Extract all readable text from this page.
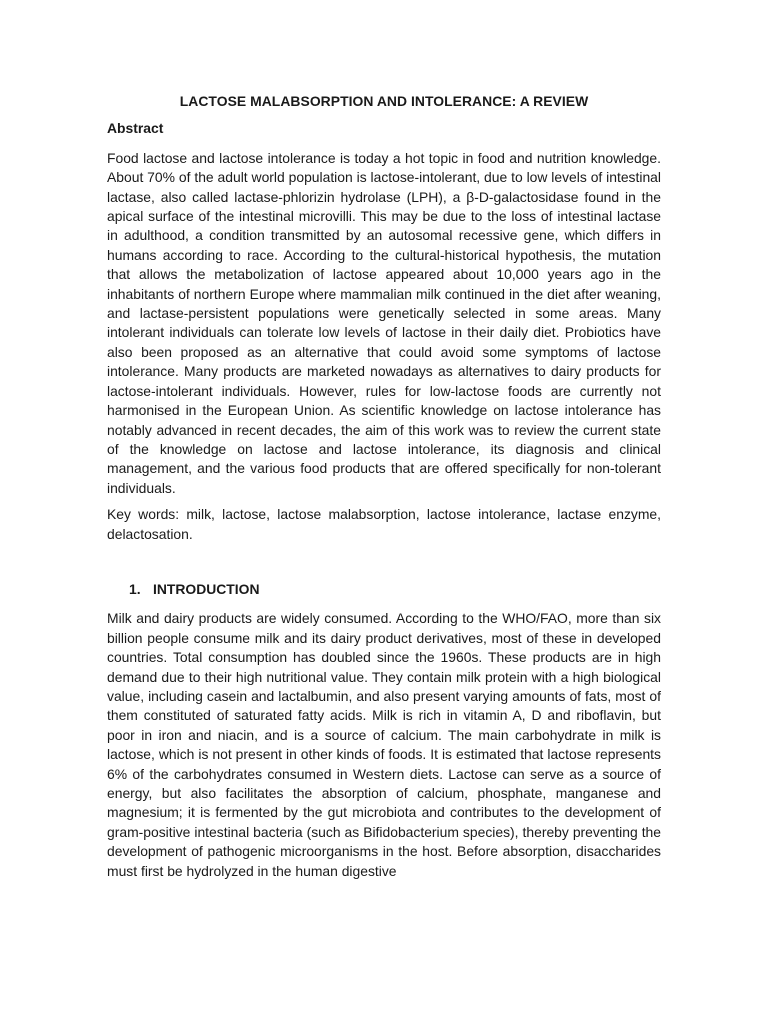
LACTOSE MALABSORPTION AND INTOLERANCE: A REVIEW
Abstract
Food lactose and lactose intolerance is today a hot topic in food and nutrition knowledge. About 70% of the adult world population is lactose-intolerant, due to low levels of intestinal lactase, also called lactase-phlorizin hydrolase (LPH), a β-D-galactosidase found in the apical surface of the intestinal microvilli. This may be due to the loss of intestinal lactase in adulthood, a condition transmitted by an autosomal recessive gene, which differs in humans according to race. According to the cultural-historical hypothesis, the mutation that allows the metabolization of lactose appeared about 10,000 years ago in the inhabitants of northern Europe where mammalian milk continued in the diet after weaning, and lactase-persistent populations were genetically selected in some areas. Many intolerant individuals can tolerate low levels of lactose in their daily diet. Probiotics have also been proposed as an alternative that could avoid some symptoms of lactose intolerance. Many products are marketed nowadays as alternatives to dairy products for lactose-intolerant individuals. However, rules for low-lactose foods are currently not harmonised in the European Union. As scientific knowledge on lactose intolerance has notably advanced in recent decades, the aim of this work was to review the current state of the knowledge on lactose and lactose intolerance, its diagnosis and clinical management, and the various food products that are offered specifically for non-tolerant individuals.
Key words: milk, lactose, lactose malabsorption, lactose intolerance, lactase enzyme, delactosation.
1. INTRODUCTION
Milk and dairy products are widely consumed. According to the WHO/FAO, more than six billion people consume milk and its dairy product derivatives, most of these in developed countries. Total consumption has doubled since the 1960s. These products are in high demand due to their high nutritional value. They contain milk protein with a high biological value, including casein and lactalbumin, and also present varying amounts of fats, most of them constituted of saturated fatty acids. Milk is rich in vitamin A, D and riboflavin, but poor in iron and niacin, and is a source of calcium. The main carbohydrate in milk is lactose, which is not present in other kinds of foods. It is estimated that lactose represents 6% of the carbohydrates consumed in Western diets. Lactose can serve as a source of energy, but also facilitates the absorption of calcium, phosphate, manganese and magnesium; it is fermented by the gut microbiota and contributes to the development of gram-positive intestinal bacteria (such as Bifidobacterium species), thereby preventing the development of pathogenic microorganisms in the host. Before absorption, disaccharides must first be hydrolyzed in the human digestive
